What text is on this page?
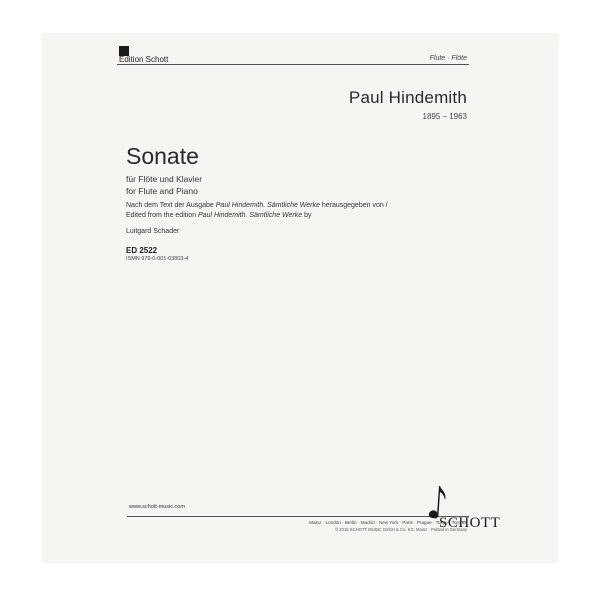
Edition Schott	Flute · Flöte
Paul Hindemith
1895 – 1963
Sonate
für Flöte und Klavier
for Flute and Piano
Nach dem Text der Ausgabe Paul Hindemith. Sämtliche Werke herausgegeben von /
Edited from the edition Paul Hindemith. Sämtliche Werke by
Luitgard Schader
ED 2522
ISMN 979-0-001-03803-4
www.schott-music.com
SCHOTT
Mainz · London · Berlin · Madrid · New York · Paris · Prague · Tokyo · Toronto
© 2015 SCHOTT MUSIC GmbH & Co. KG, Mainz · Printed in Germany
